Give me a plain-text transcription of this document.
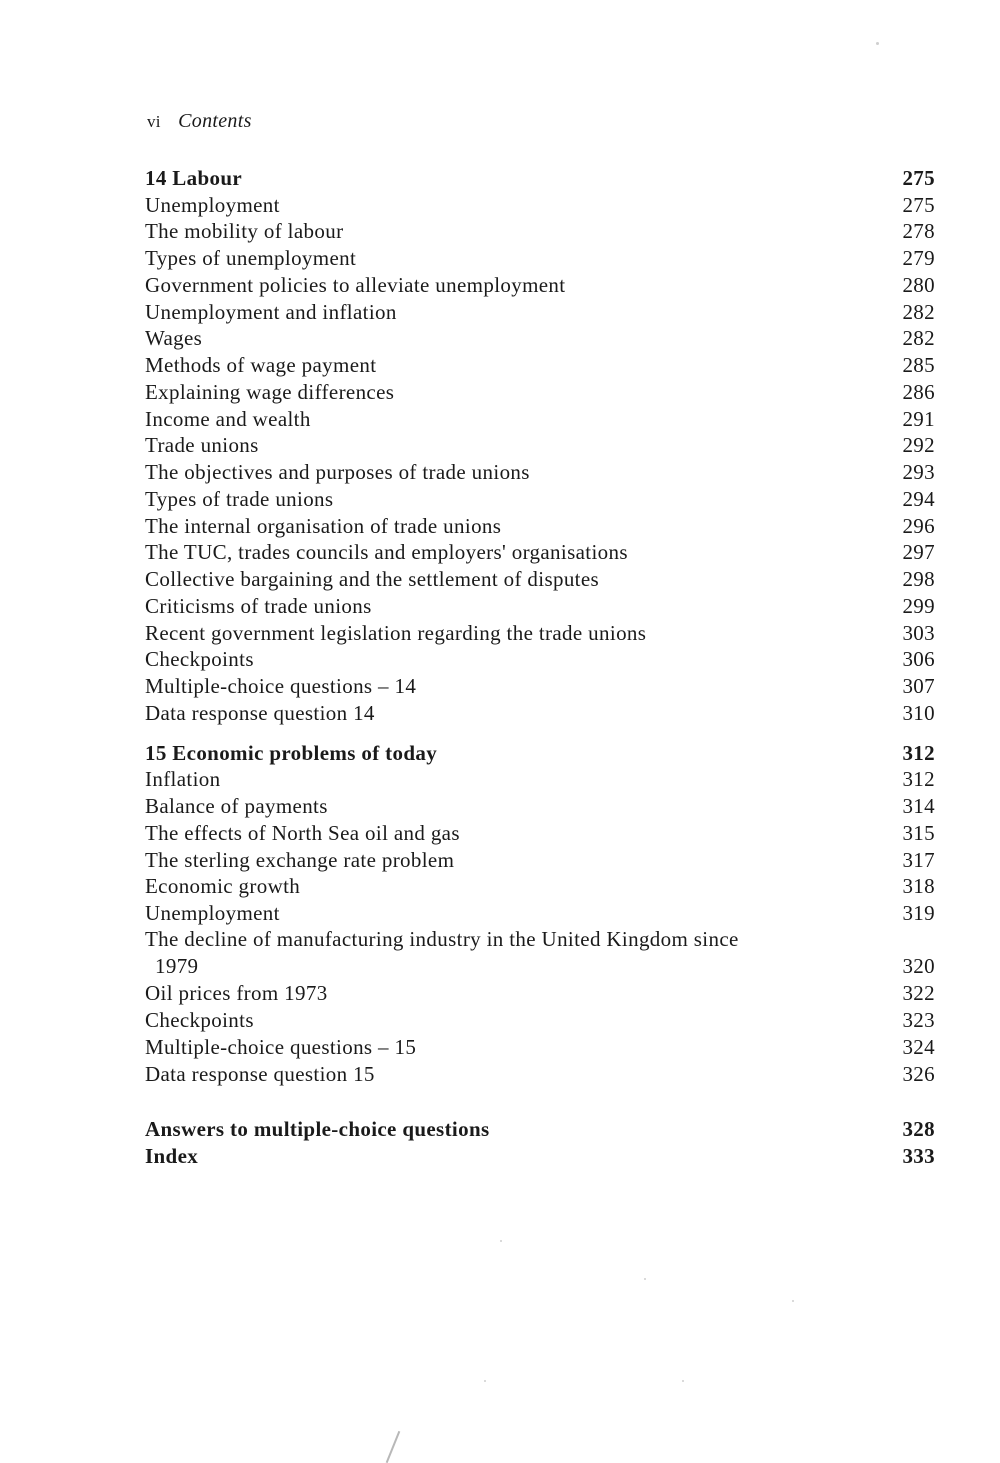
vi Contents
14 Labour	275
Unemployment	275
The mobility of labour	278
Types of unemployment	279
Government policies to alleviate unemployment	280
Unemployment and inflation	282
Wages	282
Methods of wage payment	285
Explaining wage differences	286
Income and wealth	291
Trade unions	292
The objectives and purposes of trade unions	293
Types of trade unions	294
The internal organisation of trade unions	296
The TUC, trades councils and employers' organisations	297
Collective bargaining and the settlement of disputes	298
Criticisms of trade unions	299
Recent government legislation regarding the trade unions	303
Checkpoints	306
Multiple-choice questions – 14	307
Data response question 14	310
15 Economic problems of today	312
Inflation	312
Balance of payments	314
The effects of North Sea oil and gas	315
The sterling exchange rate problem	317
Economic growth	318
Unemployment	319
The decline of manufacturing industry in the United Kingdom since
1979	320
Oil prices from 1973	322
Checkpoints	323
Multiple-choice questions – 15	324
Data response question 15	326
Answers to multiple-choice questions	328
Index	333
